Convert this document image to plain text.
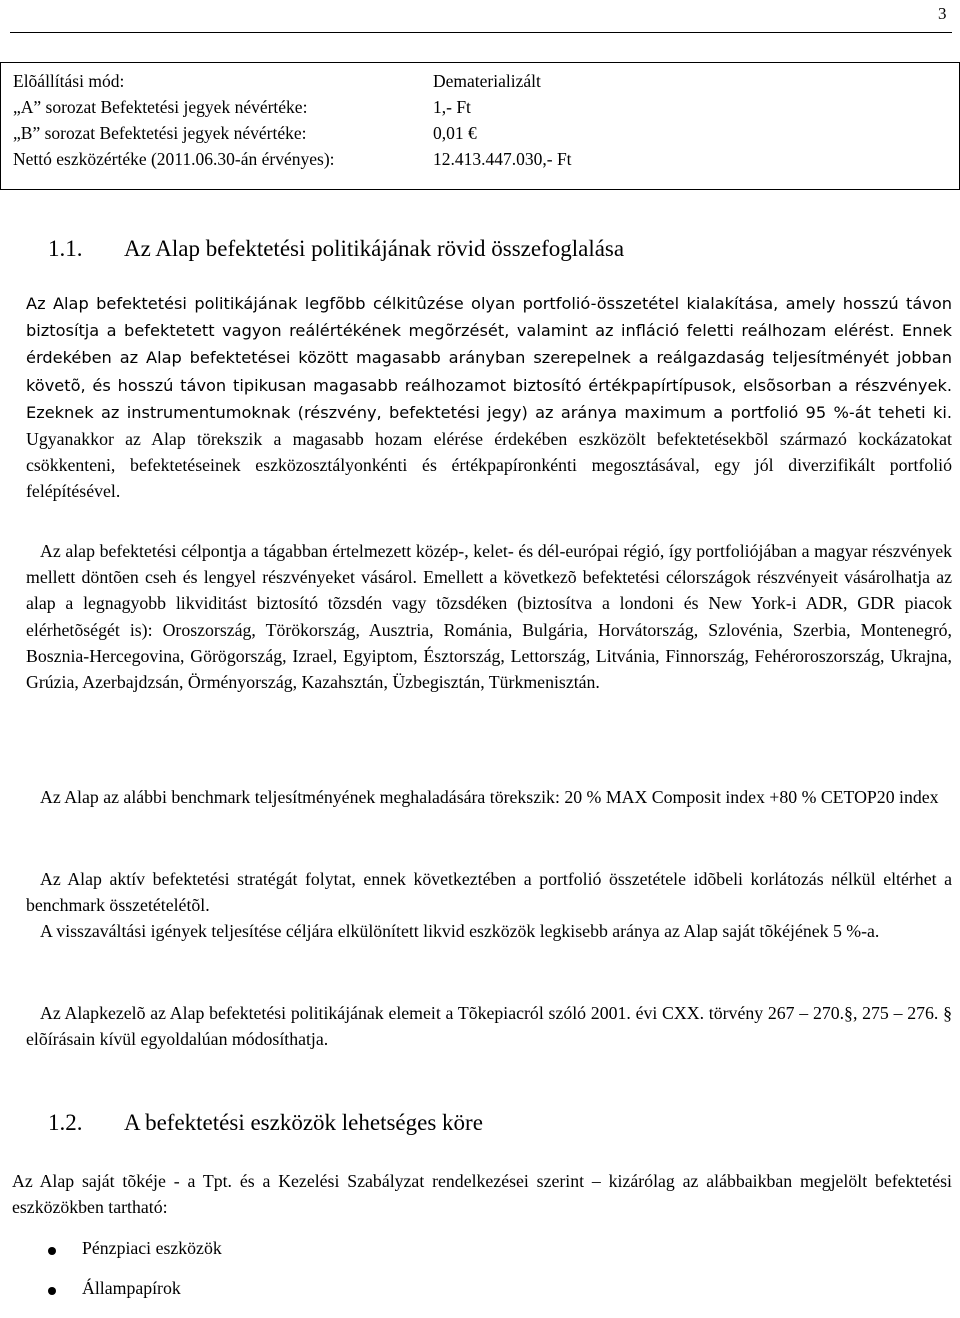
3
Elõállítási mód:	Dematerializált
„A” sorozat Befektetési jegyek névértéke:	1,- Ft
„B” sorozat Befektetési jegyek névértéke:	0,01 €
Nettó eszközértéke (2011.06.30-án érvényes):	12.413.447.030,- Ft
1.1. Az Alap befektetési politikájának rövid összefoglalása

Az Alap befektetési politikájának legfõbb célkitûzése olyan portfolió-összetétel kialakítása, amely hosszú távon biztosítja a befektetett vagyon reálértékének megõrzését, valamint az infláció feletti reálhozam elérést. Ennek érdekében az Alap befektetései között magasabb arányban szerepelnek a reálgazdaság teljesítményét jobban követõ, és hosszú távon tipikusan magasabb reálhozamot biztosító értékpapírtípusok, elsõsorban a részvények. Ezeknek az instrumentumoknak (részvény, befektetési jegy) az aránya maximum a portfolió 95 %-át teheti ki. Ugyanakkor az Alap törekszik a magasabb hozam elérése érdekében eszközölt befektetésekbõl származó kockázatokat csökkenteni, befektetéseinek eszközosztályonkénti és értékpapíronkénti megosztásával, egy jól diverzifikált portfolió felépítésével.

Az alap befektetési célpontja a tágabban értelmezett közép-, kelet- és dél-európai régió, így portfoliójában a magyar részvények mellett döntõen cseh és lengyel részvényeket vásárol. Emellett a következõ befektetési célországok részvényeit vásárolhatja az alap a legnagyobb likviditást biztosító tõzsdén vagy tõzsdéken (biztosítva a londoni és New York-i ADR, GDR piacok elérhetõségét is): Oroszország, Törökország, Ausztria, Románia, Bulgária, Horvátország, Szlovénia, Szerbia, Montenegró, Bosznia-Hercegovina, Görögország, Izrael, Egyiptom, Észtország, Lettország, Litvánia, Finnország, Fehéroroszország, Ukrajna, Grúzia, Azerbajdzsán, Örményország, Kazahsztán, Üzbegisztán, Türkmenisztán.

Az Alap az alábbi benchmark teljesítményének meghaladására törekszik: 20 % MAX Composit index +80 % CETOP20 index

Az Alap aktív befektetési stratégát folytat, ennek következtében a portfolió összetétele idõbeli korlátozás nélkül eltérhet a benchmark összetételétõl.

A visszaváltási igények teljesítése céljára elkülönített likvid eszközök legkisebb aránya az Alap saját tõkéjének 5 %-a.

Az Alapkezelõ az Alap befektetési politikájának elemeit a Tõkepiacról szóló 2001. évi CXX. törvény 267 – 270.§, 275 – 276. § elõírásain kívül egyoldalúan módosíthatja.

1.2. A befektetési eszközök lehetséges köre

Az Alap saját tõkéje - a Tpt. és a Kezelési Szabályzat rendelkezései szerint – kizárólag az alábbaikban megjelölt befektetési eszközökben tartható:

Pénzpiaci eszközök
Állampapírok
